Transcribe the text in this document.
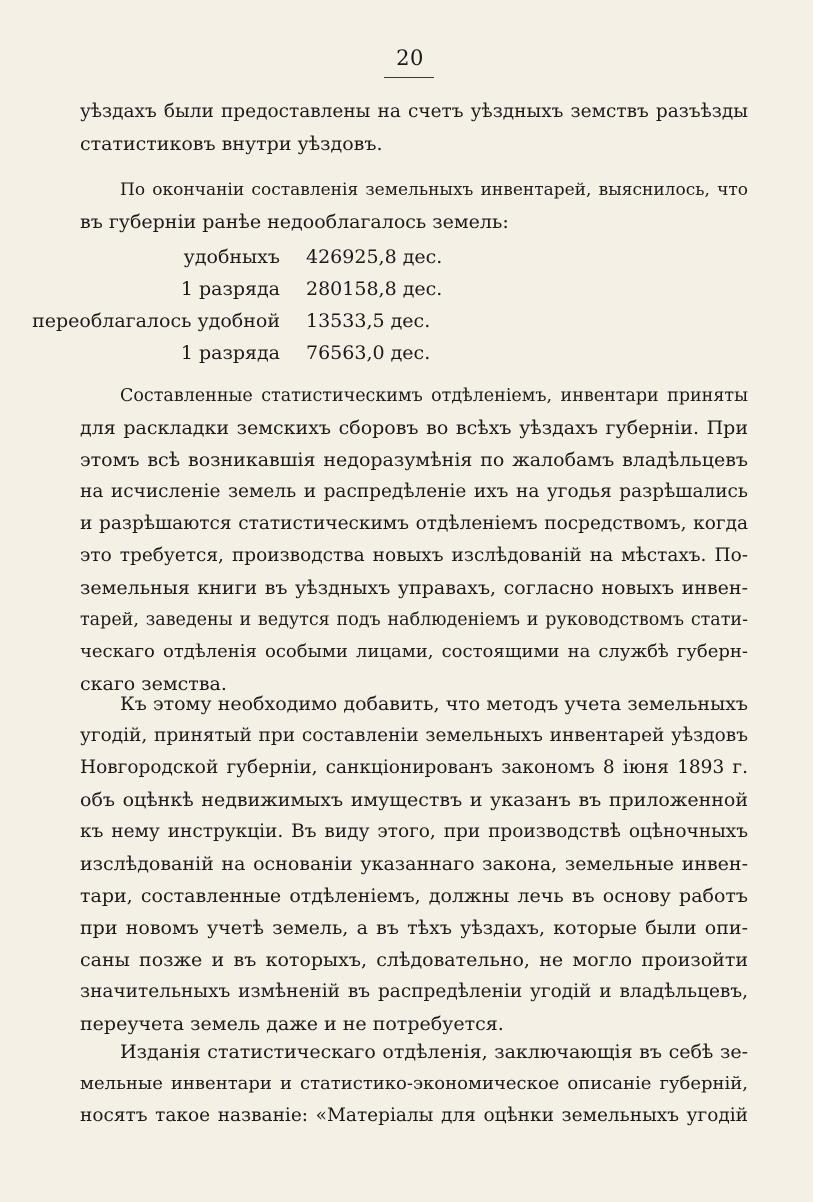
20
уѣздахъ были предоставлены на счетъ уѣздныхъ земствъ разъѣзды
статистиковъ внутри уѣздовъ.
По окончаніи составленія земельныхъ инвентарей, выяснилось, что
въ губерніи ранѣе недооблагалось земель:
удобныхъ 426925,8 дес.
1 разряда 280158,8 дес.
переоблагалось удобной 13533,5 дес.
1 разряда 76563,0 дес.
Составленные статистическимъ отдѣленіемъ, инвентари приняты
для раскладки земскихъ сборовъ во всѣхъ уѣздахъ губерніи. При
этомъ всѣ возникавшія недоразумѣнія по жалобамъ владѣльцевъ
на исчисленіе земель и распредѣленіе ихъ на угодья разрѣшались
и разрѣшаются статистическимъ отдѣленіемъ посредствомъ, когда
это требуется, производства новыхъ изслѣдованій на мѣстахъ. По-
земельныя книги въ уѣздныхъ управахъ, согласно новыхъ инвен-
тарей, заведены и ведутся подъ наблюденіемъ и руководствомъ стати-
ческаго отдѣленія особыми лицами, состоящими на службѣ губерн-
скаго земства.
Къ этому необходимо добавить, что методъ учета земельныхъ
угодій, принятый при составленіи земельныхъ инвентарей уѣздовъ
Новгородской губерніи, санкціонированъ закономъ 8 іюня 1893 г.
объ оцѣнкѣ недвижимыхъ имуществъ и указанъ въ приложенной
къ нему инструкціи. Въ виду этого, при производствѣ оцѣночныхъ
изслѣдованій на основаніи указаннаго закона, земельные инвен-
тари, составленные отдѣленіемъ, должны лечь въ основу работъ
при новомъ учетѣ земель, а въ тѣхъ уѣздахъ, которые были опи-
саны позже и въ которыхъ, слѣдовательно, не могло произойти
значительныхъ измѣненій въ распредѣленіи угодій и владѣльцевъ,
переучета земель даже и не потребуется.
Изданія статистическаго отдѣленія, заключающія въ себѣ зе-
мельные инвентари и статистико-экономическое описаніе губерній,
носятъ такое названіе: «Матеріалы для оцѣнки земельныхъ угодій
